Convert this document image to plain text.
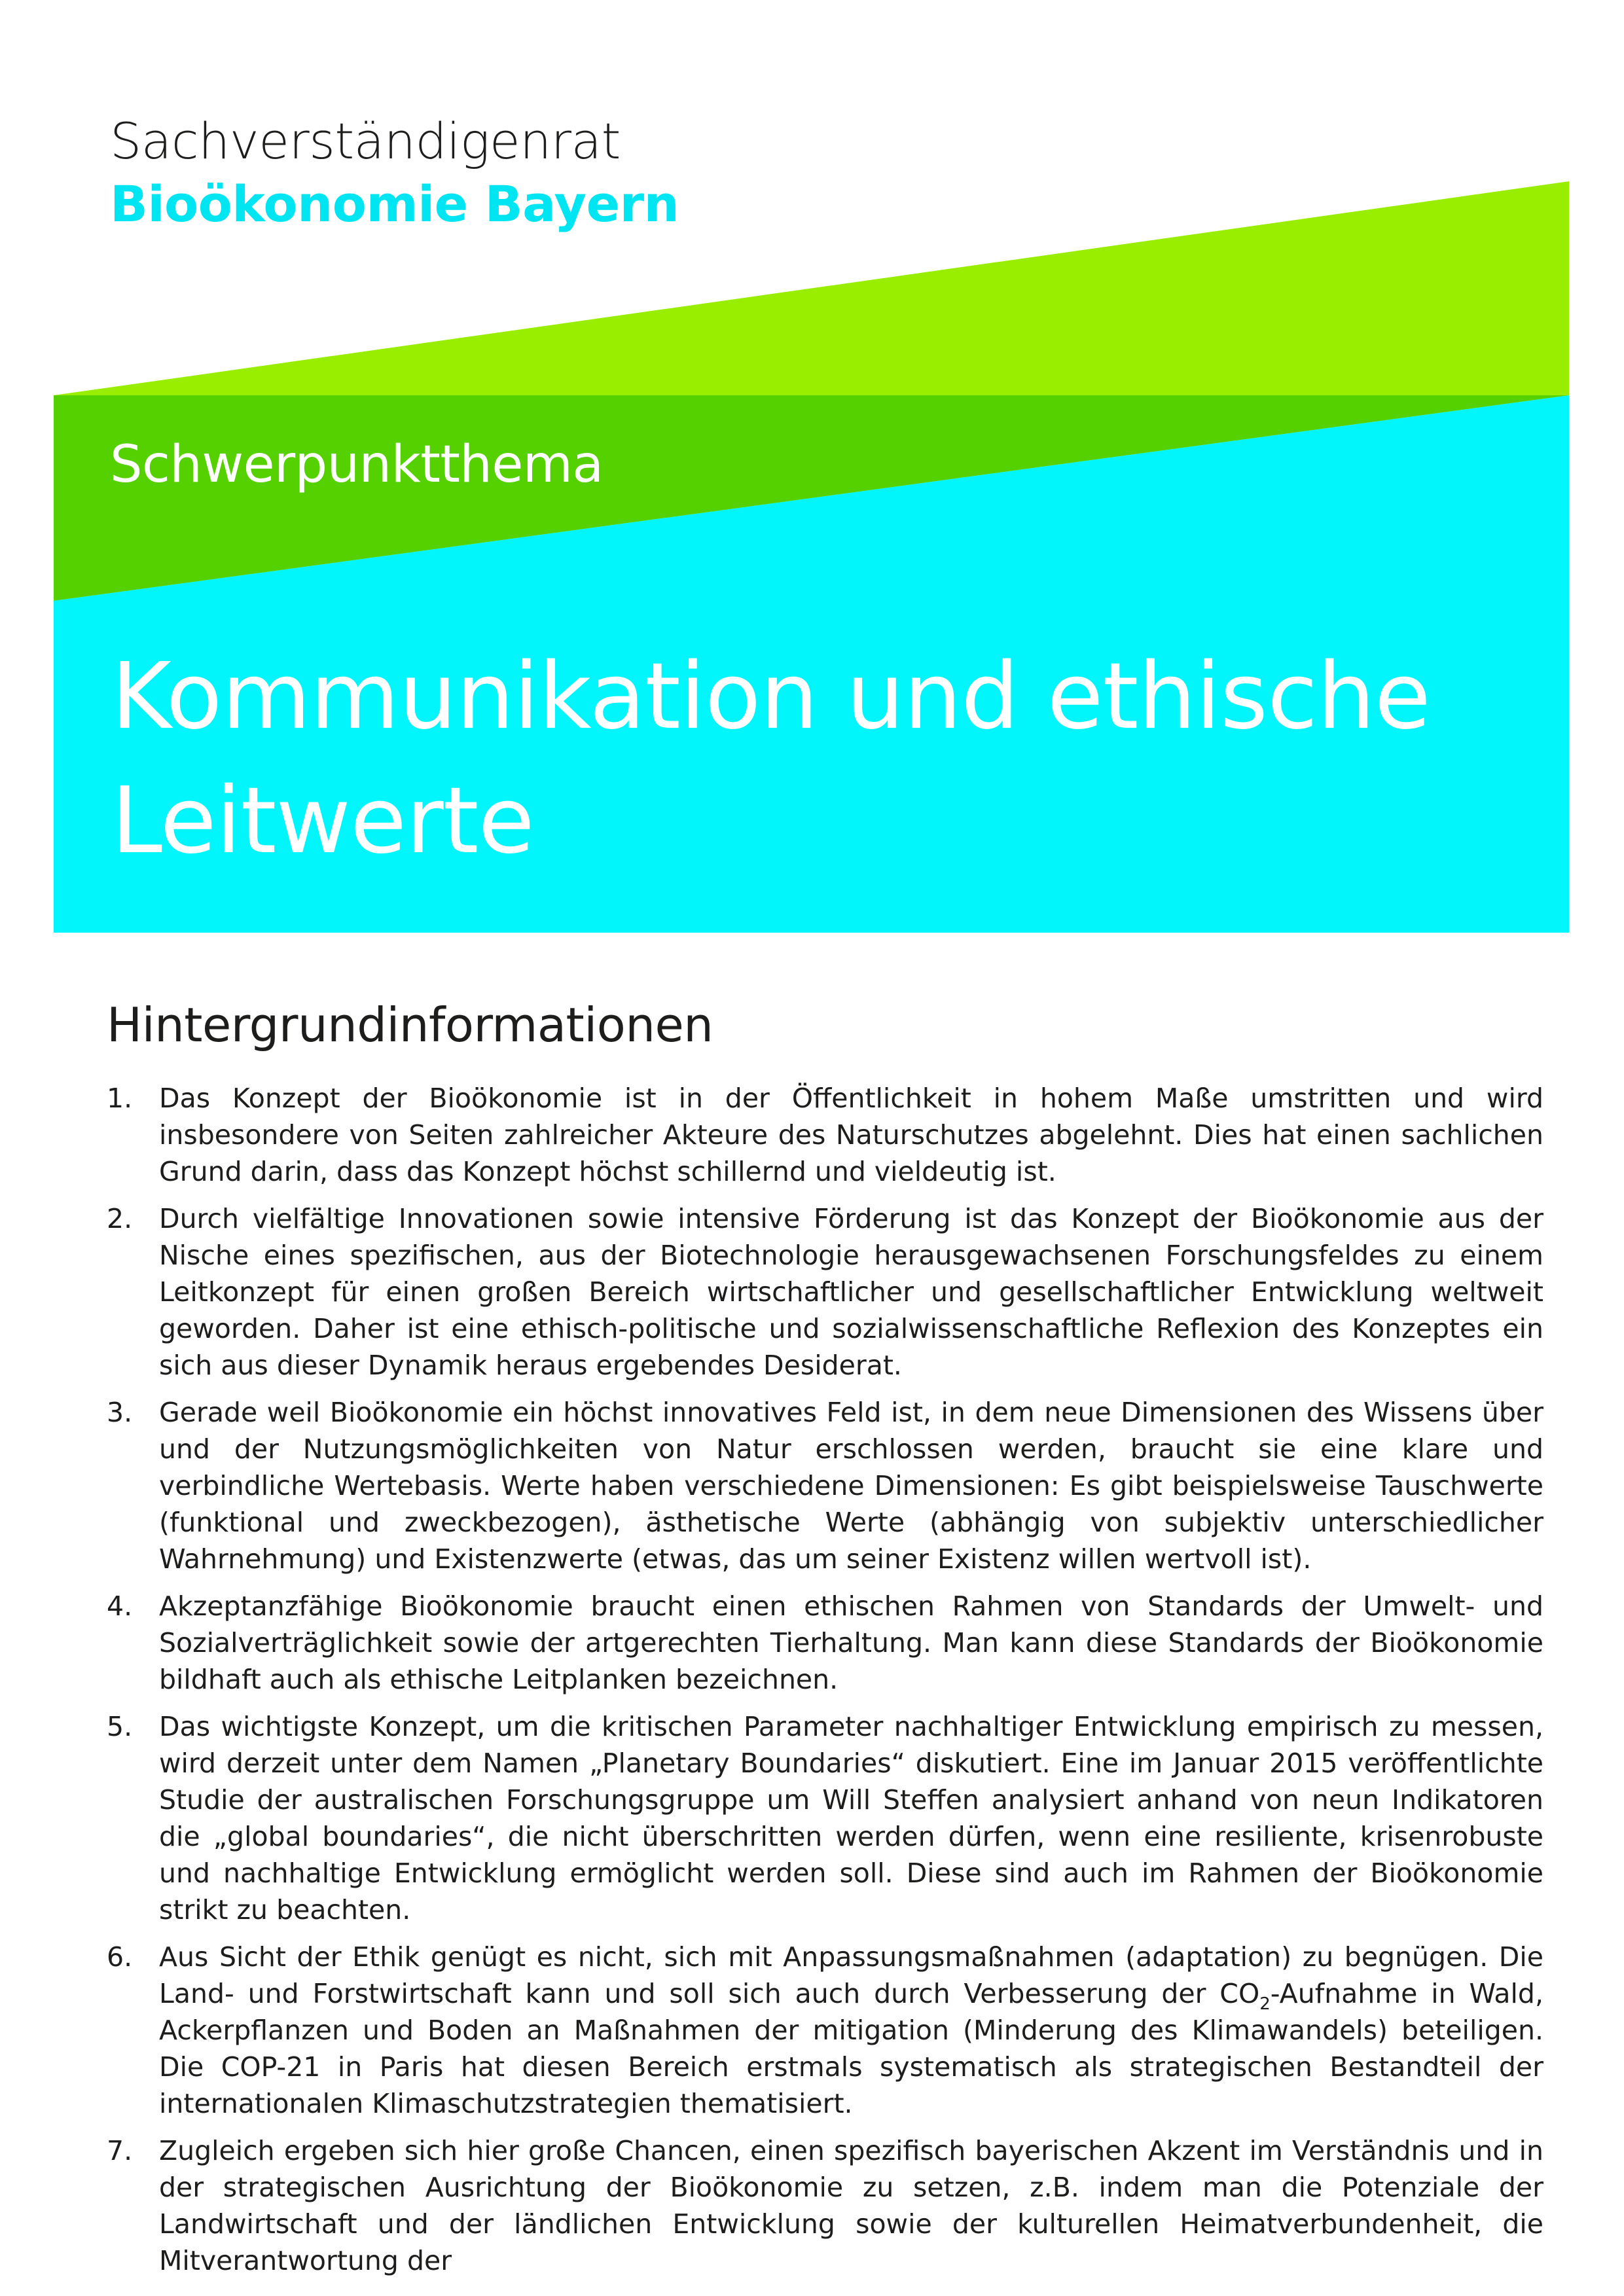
Sachverständigenrat
Bioökonomie Bayern
Schwerpunktthema
Kommunikation und ethische Leitwerte
Hintergrundinformationen
1. Das Konzept der Bioökonomie ist in der Öffentlichkeit in hohem Maße umstritten und wird insbesondere von Seiten zahlreicher Akteure des Naturschutzes abgelehnt. Dies hat einen sachlichen Grund darin, dass das Konzept höchst schillernd und vieldeutig ist.
2. Durch vielfältige Innovationen sowie intensive Förderung ist das Konzept der Bioökonomie aus der Nische eines spezifischen, aus der Biotechnologie herausgewachsenen Forschungsfeldes zu einem Leitkonzept für einen großen Bereich wirtschaftlicher und gesellschaftlicher Entwicklung weltweit geworden. Daher ist eine ethisch-politische und sozialwissenschaftliche Reflexion des Konzeptes ein sich aus dieser Dynamik heraus ergebendes Desiderat.
3. Gerade weil Bioökonomie ein höchst innovatives Feld ist, in dem neue Dimensionen des Wissens über und der Nutzungsmöglichkeiten von Natur erschlossen werden, braucht sie eine klare und verbindliche Wertebasis. Werte haben verschiedene Dimensionen: Es gibt beispielsweise Tauschwerte (funktional und zweckbezogen), ästhetische Werte (abhängig von subjektiv unterschiedlicher Wahrnehmung) und Existenzwerte (etwas, das um seiner Existenz willen wertvoll ist).
4. Akzeptanzfähige Bioökonomie braucht einen ethischen Rahmen von Standards der Umwelt- und Sozialverträglichkeit sowie der artgerechten Tierhaltung. Man kann diese Standards der Bioökonomie bildhaft auch als ethische Leitplanken bezeichnen.
5. Das wichtigste Konzept, um die kritischen Parameter nachhaltiger Entwicklung empirisch zu messen, wird derzeit unter dem Namen „Planetary Boundaries“ diskutiert. Eine im Januar 2015 veröffentlichte Studie der australischen Forschungsgruppe um Will Steffen analysiert anhand von neun Indikatoren die „global boundaries“, die nicht überschritten werden dürfen, wenn eine resiliente, krisenrobuste und nachhaltige Entwicklung ermöglicht werden soll. Diese sind auch im Rahmen der Bioökonomie strikt zu beachten.
6. Aus Sicht der Ethik genügt es nicht, sich mit Anpassungsmaßnahmen (adaptation) zu begnügen. Die Land- und Forstwirtschaft kann und soll sich auch durch Verbesserung der $CO_2$-Aufnahme in Wald, Ackerpflanzen und Boden an Maßnahmen der mitigation (Minderung des Klimawandels) beteiligen. Die COP-21 in Paris hat diesen Bereich erstmals systematisch als strategischen Bestandteil der internationalen Klimaschutzstrategien thematisiert.
7. Zugleich ergeben sich hier große Chancen, einen spezifisch bayerischen Akzent im Verständnis und in der strategischen Ausrichtung der Bioökonomie zu setzen, z.B. indem man die Potenziale der Landwirtschaft und der ländlichen Entwicklung sowie der kulturellen Heimatverbundenheit, die Mitverantwortung der
